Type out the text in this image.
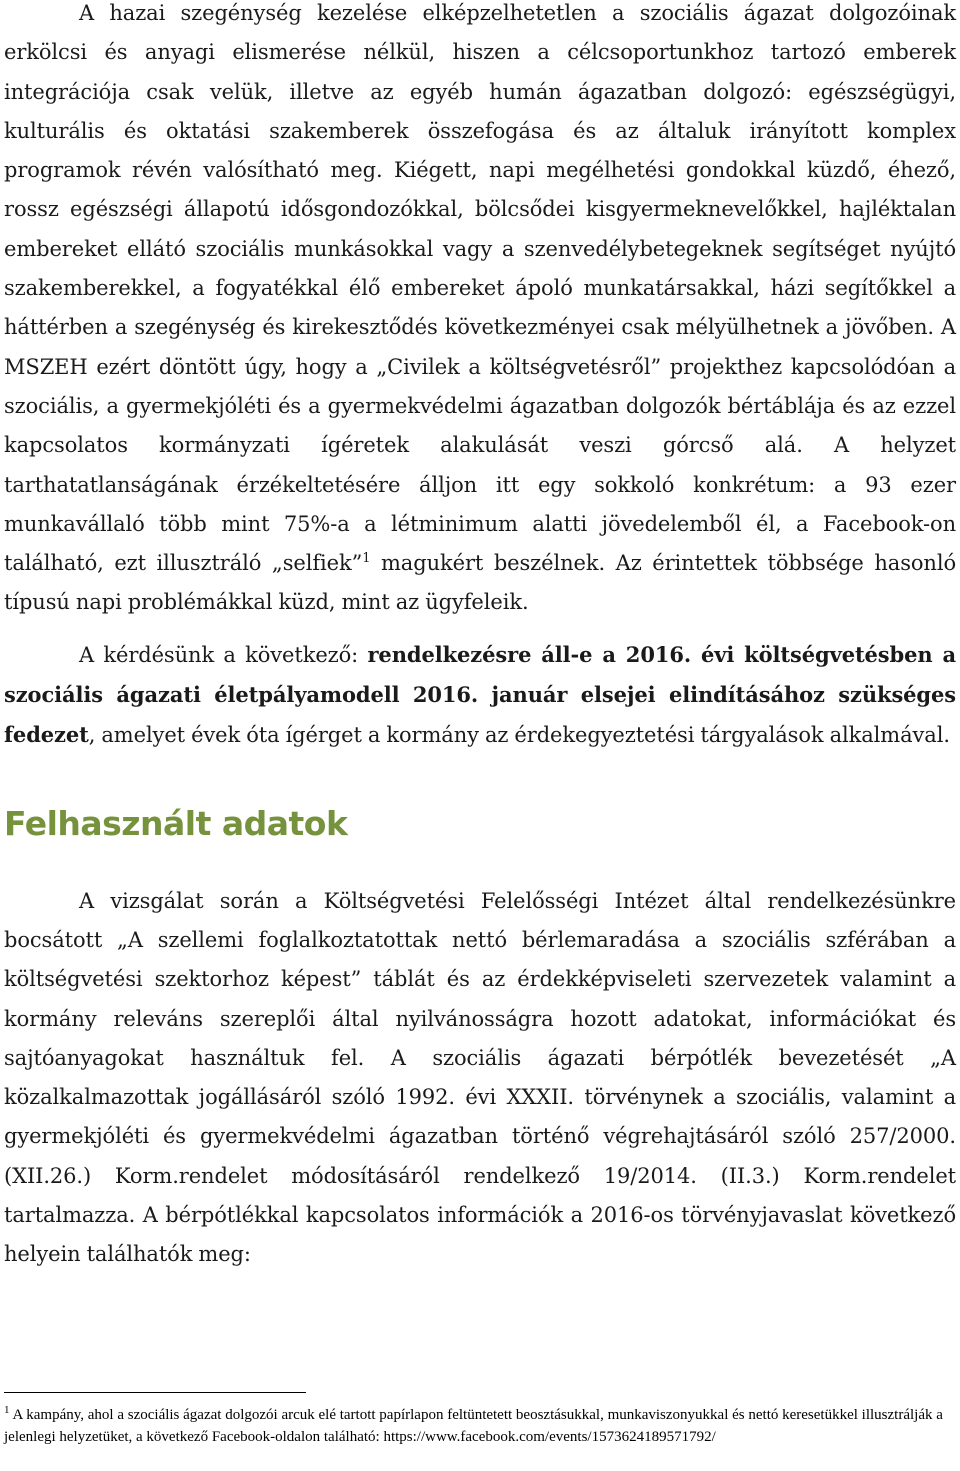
A hazai szegénység kezelése elképzelhetetlen a szociális ágazat dolgozóinak erkölcsi és anyagi elismerése nélkül, hiszen a célcsoportunkhoz tartozó emberek integrációja csak velük, illetve az egyéb humán ágazatban dolgozó: egészségügyi, kulturális és oktatási szakemberek összefogása és az általuk irányított komplex programok révén valósítható meg. Kiégett, napi megélhetési gondokkal küzdő, éhező, rossz egészségi állapotú idősgondozókkal, bölcsődei kisgyermeknevelőkkel, hajléktalan embereket ellátó szociális munkásokkal vagy a szenvedélybetegeknek segítséget nyújtó szakemberekkel, a fogyatékkal élő embereket ápoló munkatársakkal, házi segítőkkel a háttérben a szegénység és kirekesztődés következményei csak mélyülhetnek a jövőben. A MSZEH ezért döntött úgy, hogy a „Civilek a költségvetésről” projekthez kapcsolódóan a szociális, a gyermekjóléti és a gyermekvédelmi ágazatban dolgozók bértáblája és az ezzel kapcsolatos kormányzati ígéretek alakulását veszi górcső alá. A helyzet tarthatatlanságának érzékeltetésére álljon itt egy sokkoló konkrétum: a 93 ezer munkavállaló több mint 75%-a a létminimum alatti jövedelemből él, a Facebook-on található, ezt illusztráló „selfiek”$^1$ magukért beszélnek. Az érintettek többsége hasonló típusú napi problémákkal küzd, mint az ügyfeleik.

A kérdésünk a következő: rendelkezésre áll-e a 2016. évi költségvetésben a szociális ágazati életpályamodell 2016. január elsejei elindításához szükséges fedezet, amelyet évek óta ígérget a kormány az érdekegyeztetési tárgyalások alkalmával.

Felhasznált adatok

A vizsgálat során a Költségvetési Felelősségi Intézet által rendelkezésünkre bocsátott „A szellemi foglalkoztatottak nettó bérlemaradása a szociális szférában a költségvetési szektorhoz képest” táblát és az érdekképviseleti szervezetek valamint a kormány releváns szereplői által nyilvánosságra hozott adatokat, információkat és sajtóanyagokat használtuk fel. A szociális ágazati bérpótlék bevezetését „A közalkalmazottak jogállásáról szóló 1992. évi XXXII. törvénynek a szociális, valamint a gyermekjóléti és gyermekvédelmi ágazatban történő végrehajtásáról szóló 257/2000. (XII.26.) Korm.rendelet módosításáról rendelkező 19/2014. (II.3.) Korm.rendelet tartalmazza. A bérpótlékkal kapcsolatos információk a 2016-os törvényjavaslat következő helyein találhatók meg:

$^1$ A kampány, ahol a szociális ágazat dolgozói arcuk elé tartott papírlapon feltüntetett beosztásukkal, munkaviszonyukkal és nettó keresetükkel illusztrálják a jelenlegi helyzetüket, a következő Facebook-oldalon található: https://www.facebook.com/events/1573624189571792/
